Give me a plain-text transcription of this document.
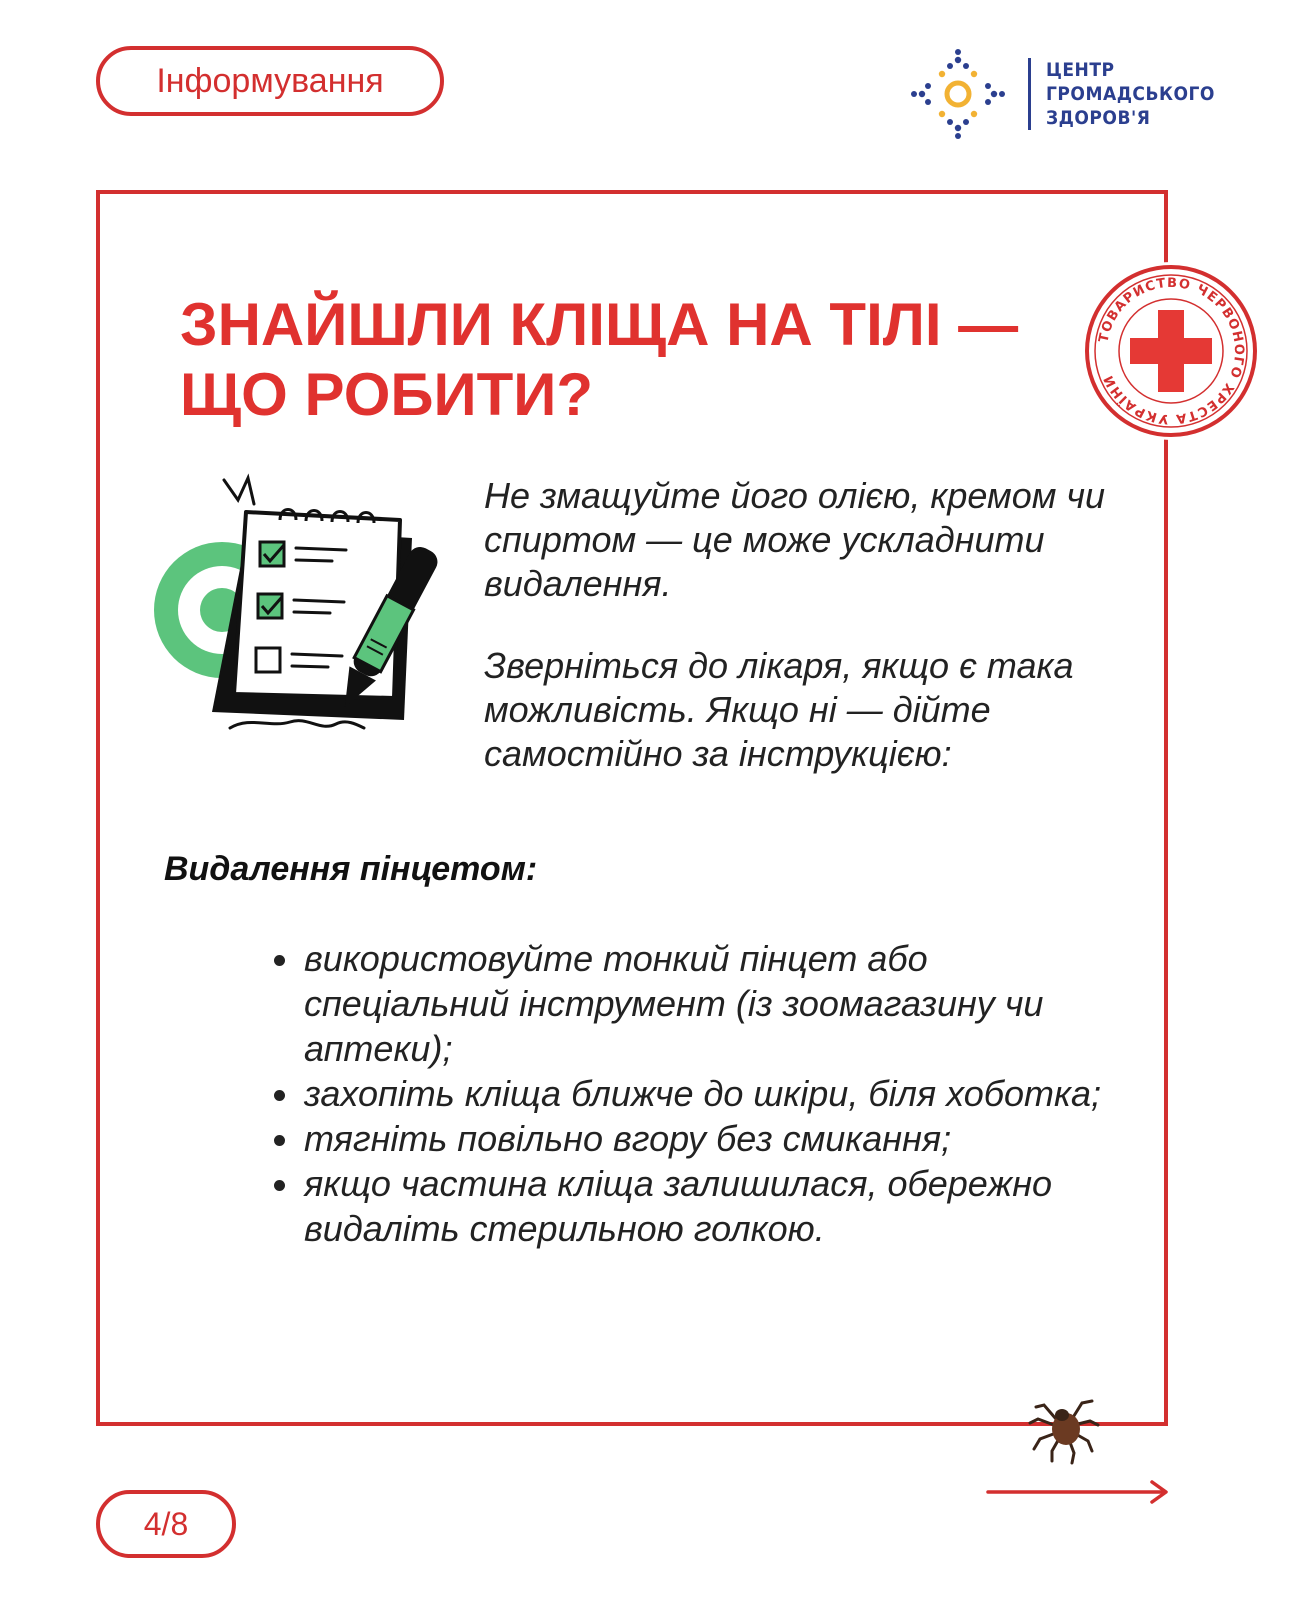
Інформування	ЦЕНТР
ГРОМАДСЬКОГО
ЗДОРОВ'Я
ТОВАРИСТВО ЧЕРВОНОГО ХРЕСТА УКРАЇНИ
ЗНАЙШЛИ КЛІЩА НА ТІЛІ —
ЩО РОБИТИ?

Не змащуйте його олією, кремом чи спиртом — це може ускладнити видалення.

Зверніться до лікаря, якщо є така можливість. Якщо ні — дійте самостійно за інструкцією:

Видалення пінцетом:
використовуйте тонкий пінцет або спеціальний інструмент (із зоомагазину чи аптеки);
захопіть кліща ближче до шкіри, біля хоботка;
тягніть повільно вгору без смикання;
якщо частина кліща залишилася, обережно видаліть стерильною голкою.
4/8
